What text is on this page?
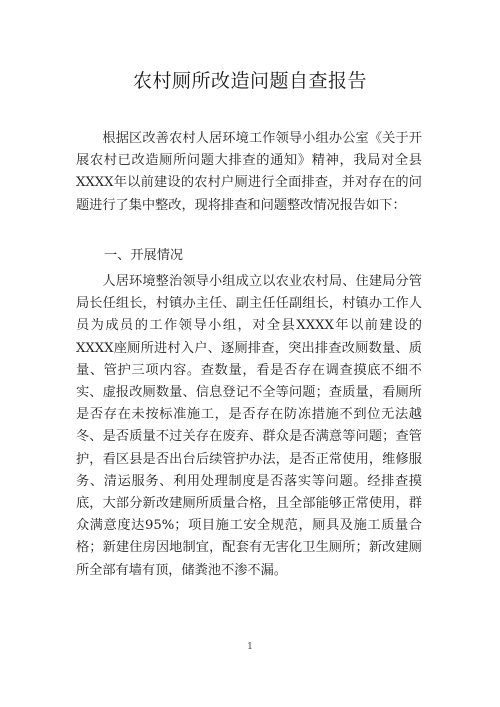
农村厕所改造问题自查报告

根据区改善农村人居环境工作领导小组办公室《关于开展农村已改造厕所问题大排查的通知》精神，我局对全县XXXX年以前建设的农村户厕进行全面排查，并对存在的问题进行了集中整改，现将排查和问题整改情况报告如下：

一、开展情况

人居环境整治领导小组成立以农业农村局、住建局分管局长任组长，村镇办主任、副主任任副组长，村镇办工作人员为成员的工作领导小组，对全县XXXX年以前建设的XXXX座厕所进村入户、逐厕排查，突出排查改厕数量、质量、管护三项内容。查数量，看是否存在调查摸底不细不实、虚报改厕数量、信息登记不全等问题；查质量，看厕所是否存在未按标准施工，是否存在防冻措施不到位无法越冬、是否质量不过关存在废弃、群众是否满意等问题；查管护，看区县是否出台后续管护办法，是否正常使用，维修服务、清运服务、利用处理制度是否落实等问题。经排查摸底，大部分新改建厕所质量合格，且全部能够正常使用，群众满意度达95%；项目施工安全规范，厕具及施工质量合格；新建住房因地制宜，配套有无害化卫生厕所；新改建厕所全部有墙有顶，储粪池不渗不漏。

1
